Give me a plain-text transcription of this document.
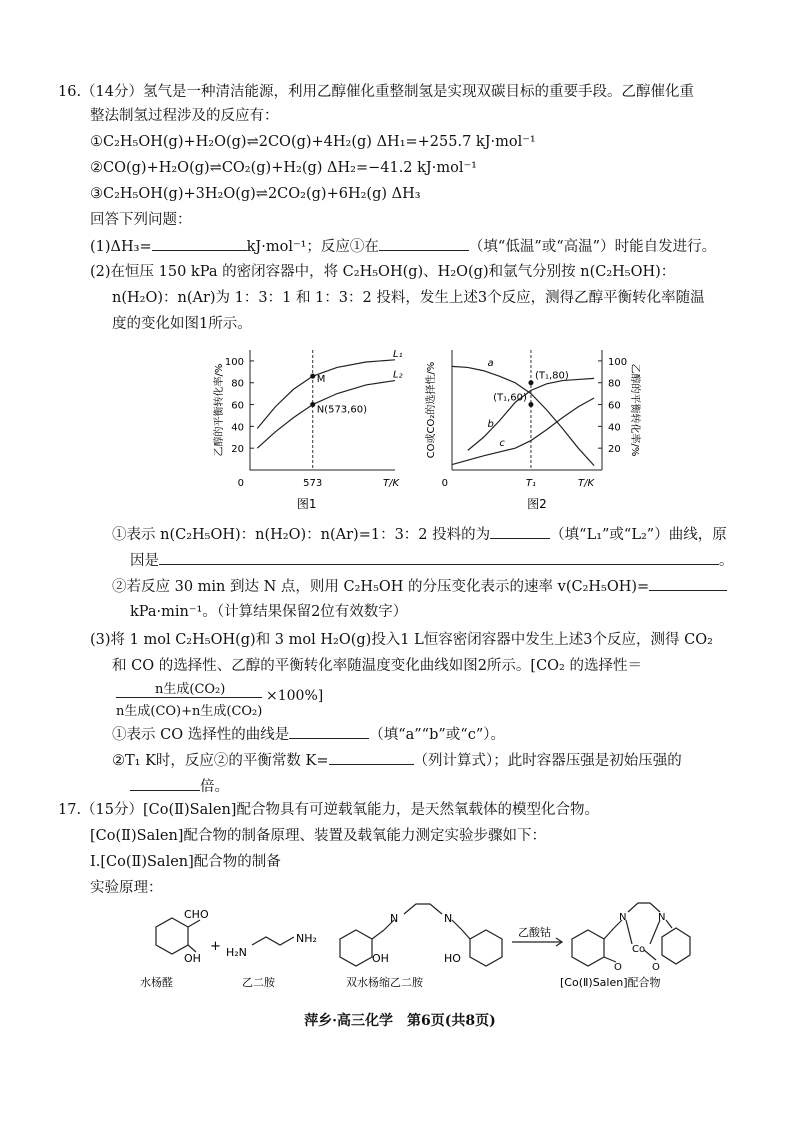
16.（14分）氢气是一种清洁能源，利用乙醇催化重整制氢是实现双碳目标的重要手段。乙醇催化重
整法制氢过程涉及的反应有：
①C₂H₅OH(g)+H₂O(g)⇌2CO(g)+4H₂(g) ΔH₁=+255.7 kJ·mol⁻¹
②CO(g)+H₂O(g)⇌CO₂(g)+H₂(g) ΔH₂=−41.2 kJ·mol⁻¹
③C₂H₅OH(g)+3H₂O(g)⇌2CO₂(g)+6H₂(g) ΔH₃
回答下列问题：
(1)ΔH₃=	kJ·mol⁻¹；反应①在	（填“低温”或“高温”）时能自发进行。
(2)在恒压 150 kPa 的密闭容器中，将 C₂H₅OH(g)、H₂O(g)和氩气分别按 n(C₂H₅OH)：
n(H₂O)：n(Ar)为 1：3：1 和 1：3：2 投料，发生上述3个反应，测得乙醇平衡转化率随温
度的变化如图1所示。
20
40
60
80
100
0	573	T/K
乙醇的平衡转化率/%
L₁
L₂
M
N(573,60)
图1
20
40
60
80
100
0	T₁	T/K
CO或CO₂的选择性/%	乙醇的平衡转化率/%
a
b
c
(T₁,80)
(T₁,60)
图2
①表示 n(C₂H₅OH)：n(H₂O)：n(Ar)=1：3：2 投料的为	（填“L₁”或“L₂”）曲线，原
因是	。
②若反应 30 min 到达 N 点，则用 C₂H₅OH 的分压变化表示的速率 v(C₂H₅OH)=
kPa·min⁻¹。（计算结果保留2位有效数字）
(3)将 1 mol C₂H₅OH(g)和 3 mol H₂O(g)投入1 L恒容密闭容器中发生上述3个反应，测得 CO₂
和 CO 的选择性、乙醇的平衡转化率随温度变化曲线如图2所示。[CO₂ 的选择性＝
n生成(CO₂)
n生成(CO)+n生成(CO₂)
×100%]
①表示 CO 选择性的曲线是	（填“a”“b”或“c”）。
②T₁ K时，反应②的平衡常数 K=	（列计算式）；此时容器压强是初始压强的
倍。
17.（15分）[Co(Ⅱ)Salen]配合物具有可逆载氧能力，是天然氧载体的模型化合物。
[Co(Ⅱ)Salen]配合物的制备原理、装置及载氧能力测定实验步骤如下：
Ⅰ.[Co(Ⅱ)Salen]配合物的制备
实验原理：
CHO
OH
+ H₂N
NH₂
N	N
OH	HO
乙酸钴
N	N
Co
O	O
水杨醛	乙二胺	双水杨缩乙二胺	[Co(Ⅱ)Salen]配合物
萍乡·高三化学　第6页(共8页)
